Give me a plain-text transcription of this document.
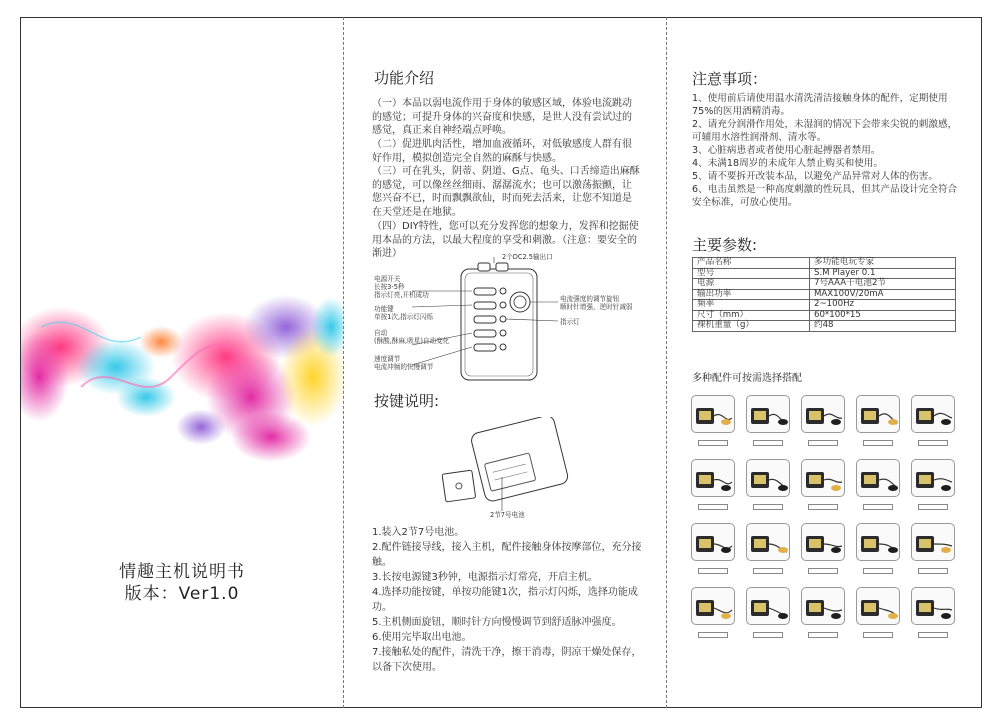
情趣主机说明书
版本：Ver1.0
功能介绍

（一）本品以弱电流作用于身体的敏感区域，体验电流跳动的感觉；可提升身体的兴奋度和快感，是世人没有尝试过的感觉，真正来自神经端点呼唤。

（二）促进肌肉活性，增加血液循环，对低敏感度人群有很好作用，模拟创造完全自然的麻酥与快感。

（三）可在乳头，阴蒂、阴道、G点、龟头、口舌缔造出麻酥的感觉，可以像丝丝细雨、潺潺流水；也可以激荡振颤，让您兴奋不已，时而飘飘欲仙，时而死去活来，让您不知道是在天堂还是在地狱。

（四）DIY特性，您可以充分发挥您的想象力，发挥和挖掘使用本品的方法，以最大程度的享受和刺激。（注意：要安全的渐进）	2个DC2.5输出口
电源开关
长按3-5秒
指示灯亮,开机成功
功能键
单按1次,指示灯闪烁
自动
(酥酸,酥麻,吸星)自动变化
速度调节
电流冲频的快慢调节
电流强度的调节旋钮
顺时针增强，逆时针减弱
指示灯
按键说明:
2节7号电池
1.装入2节7号电池。
2.配件链接导线，接入主机，配件接触身体按摩部位，充分接触。
3.长按电源键3秒钟，电源指示灯常亮，开启主机。
4.选择功能按键，单按功能键1次，指示灯闪烁，选择功能成功。
5.主机侧面旋钮，顺时针方向慢慢调节到舒适脉冲强度。
6.使用完毕取出电池。
7.接触私处的配件，清洗干净，擦干消毒，阴凉干燥处保存，以备下次使用。
注意事项：
1、使用前后请使用温水清洗清洁接触身体的配件，定期使用75%的医用酒精消毒。
2、请充分润滑作用处，未湿润的情况下会带来尖锐的刺激感，可辅用水溶性润滑剂、清水等。
3、心脏病患者或者使用心脏起搏器者禁用。
4、未满18周岁的未成年人禁止购买和使用。
5、请不要拆开改装本品，以避免产品异常对人体的伤害。
6、电击虽然是一种高度刺激的性玩具，但其产品设计完全符合安全标准，可放心使用。
主要参数:
产品名称	多功能电玩专家
型号	S.M Player 0.1
电源	7号AAA干电池2节
输出功率	MAX100V/20mA
频率	2~100Hz
尺寸（mm）	60*100*15
裸机重量（g）	约48
多种配件可按需选择搭配
